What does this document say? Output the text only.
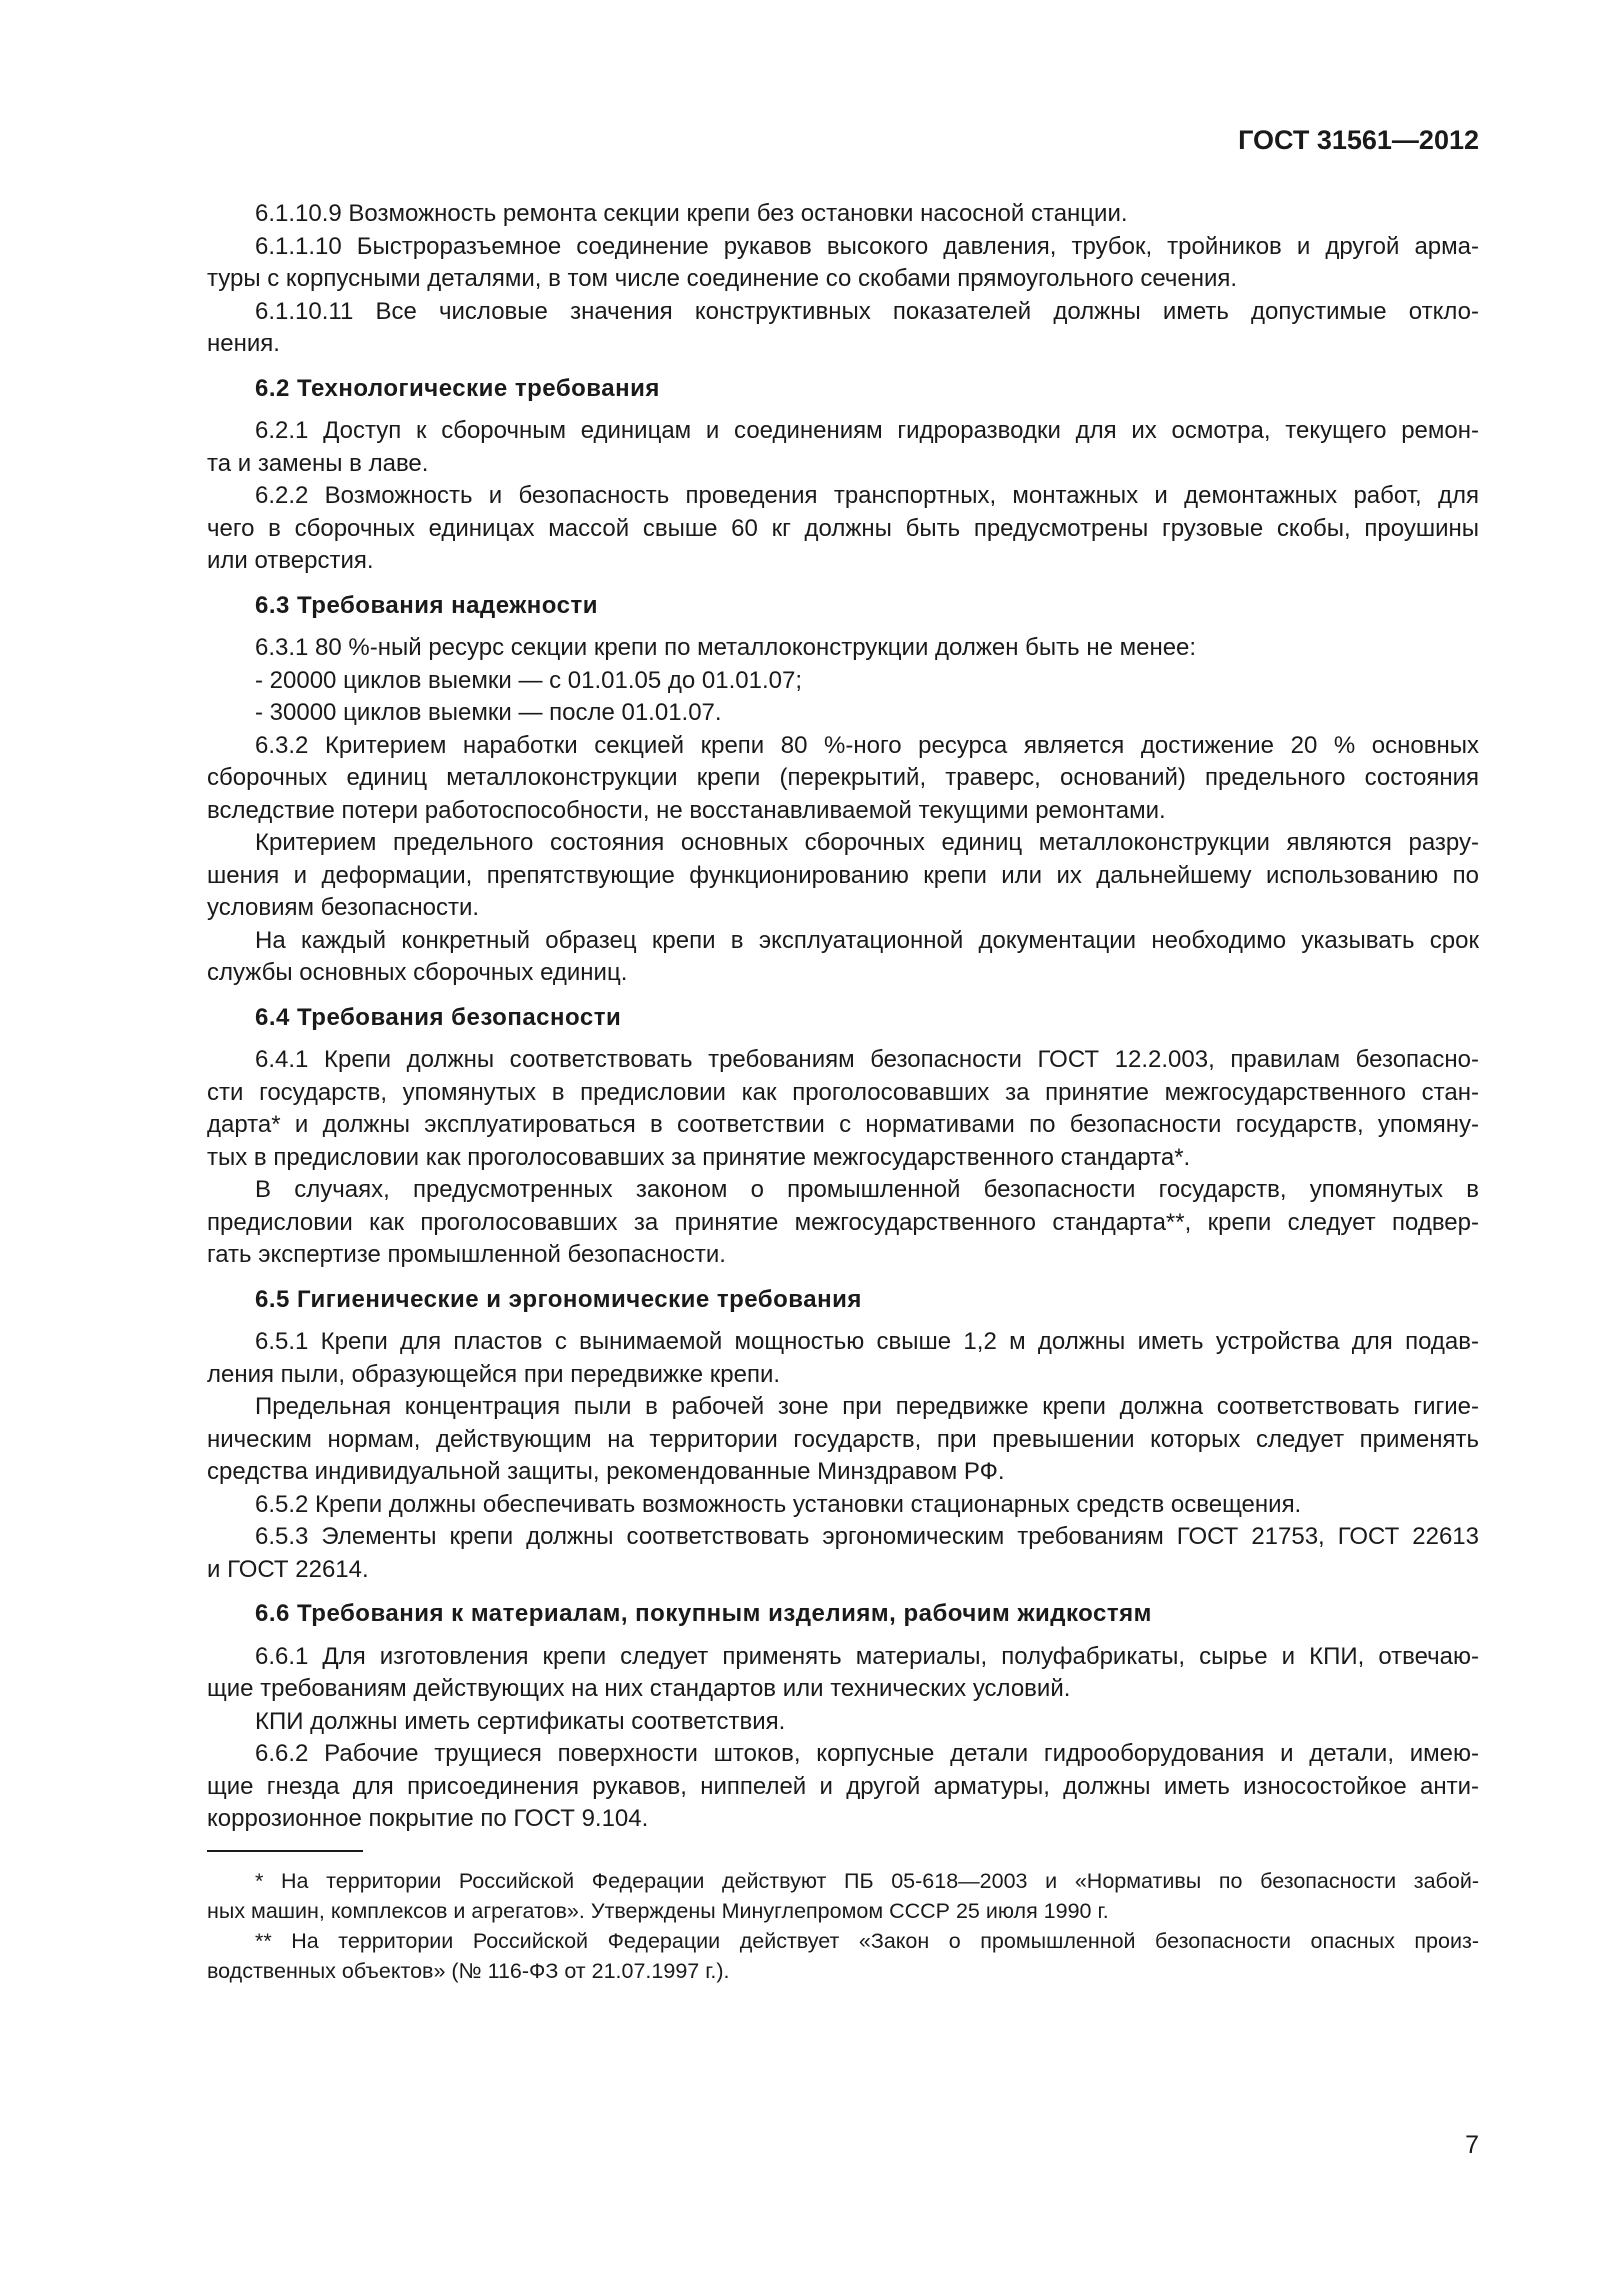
ГОСТ 31561—2012
6.1.10.9 Возможность ремонта секции крепи без остановки насосной станции.
6.1.1.10 Быстроразъемное соединение рукавов высокого давления, трубок, тройников и другой арма-
туры с корпусными деталями, в том числе соединение со скобами прямоугольного сечения.
6.1.10.11 Все числовые значения конструктивных показателей должны иметь допустимые откло-
нения.
6.2 Технологические требования
6.2.1 Доступ к сборочным единицам и соединениям гидроразводки для их осмотра, текущего ремон-
та и замены в лаве.
6.2.2 Возможность и безопасность проведения транспортных, монтажных и демонтажных работ, для
чего в сборочных единицах массой свыше 60 кг должны быть предусмотрены грузовые скобы, проушины
или отверстия.
6.3 Требования надежности
6.3.1 80 %-ный ресурс секции крепи по металлоконструкции должен быть не менее:
- 20000 циклов выемки — с 01.01.05 до 01.01.07;
- 30000 циклов выемки — после 01.01.07.
6.3.2 Критерием наработки секцией крепи 80 %-ного ресурса является достижение 20 % основных
сборочных единиц металлоконструкции крепи (перекрытий, траверс, оснований) предельного состояния
вследствие потери работоспособности, не восстанавливаемой текущими ремонтами.
Критерием предельного состояния основных сборочных единиц металлоконструкции являются разру-
шения и деформации, препятствующие функционированию крепи или их дальнейшему использованию по
условиям безопасности.
На каждый конкретный образец крепи в эксплуатационной документации необходимо указывать срок
службы основных сборочных единиц.
6.4 Требования безопасности
6.4.1 Крепи должны соответствовать требованиям безопасности ГОСТ 12.2.003, правилам безопасно-
сти государств, упомянутых в предисловии как проголосовавших за принятие межгосударственного стан-
дарта* и должны эксплуатироваться в соответствии с нормативами по безопасности государств, упомяну-
тых в предисловии как проголосовавших за принятие межгосударственного стандарта*.
В случаях, предусмотренных законом о промышленной безопасности государств, упомянутых в
предисловии как проголосовавших за принятие межгосударственного стандарта**, крепи следует подвер-
гать экспертизе промышленной безопасности.
6.5 Гигиенические и эргономические требования
6.5.1 Крепи для пластов с вынимаемой мощностью свыше 1,2 м должны иметь устройства для подав-
ления пыли, образующейся при передвижке крепи.
Предельная концентрация пыли в рабочей зоне при передвижке крепи должна соответствовать гигие-
ническим нормам, действующим на территории государств, при превышении которых следует применять
средства индивидуальной защиты, рекомендованные Минздравом РФ.
6.5.2 Крепи должны обеспечивать возможность установки стационарных средств освещения.
6.5.3 Элементы крепи должны соответствовать эргономическим требованиям ГОСТ 21753, ГОСТ 22613
и ГОСТ 22614.
6.6 Требования к материалам, покупным изделиям, рабочим жидкостям
6.6.1 Для изготовления крепи следует применять материалы, полуфабрикаты, сырье и КПИ, отвечаю-
щие требованиям действующих на них стандартов или технических условий.
КПИ должны иметь сертификаты соответствия.
6.6.2 Рабочие трущиеся поверхности штоков, корпусные детали гидрооборудования и детали, имею-
щие гнезда для присоединения рукавов, ниппелей и другой арматуры, должны иметь износостойкое анти-
коррозионное покрытие по ГОСТ 9.104.
* На территории Российской Федерации действуют ПБ 05-618—2003 и «Нормативы по безопасности забой-
ных машин, комплексов и агрегатов». Утверждены Минуглепромом СССР 25 июля 1990 г.
** На территории Российской Федерации действует «Закон о промышленной безопасности опасных произ-
водственных объектов» (№ 116-ФЗ от 21.07.1997 г.).
7
